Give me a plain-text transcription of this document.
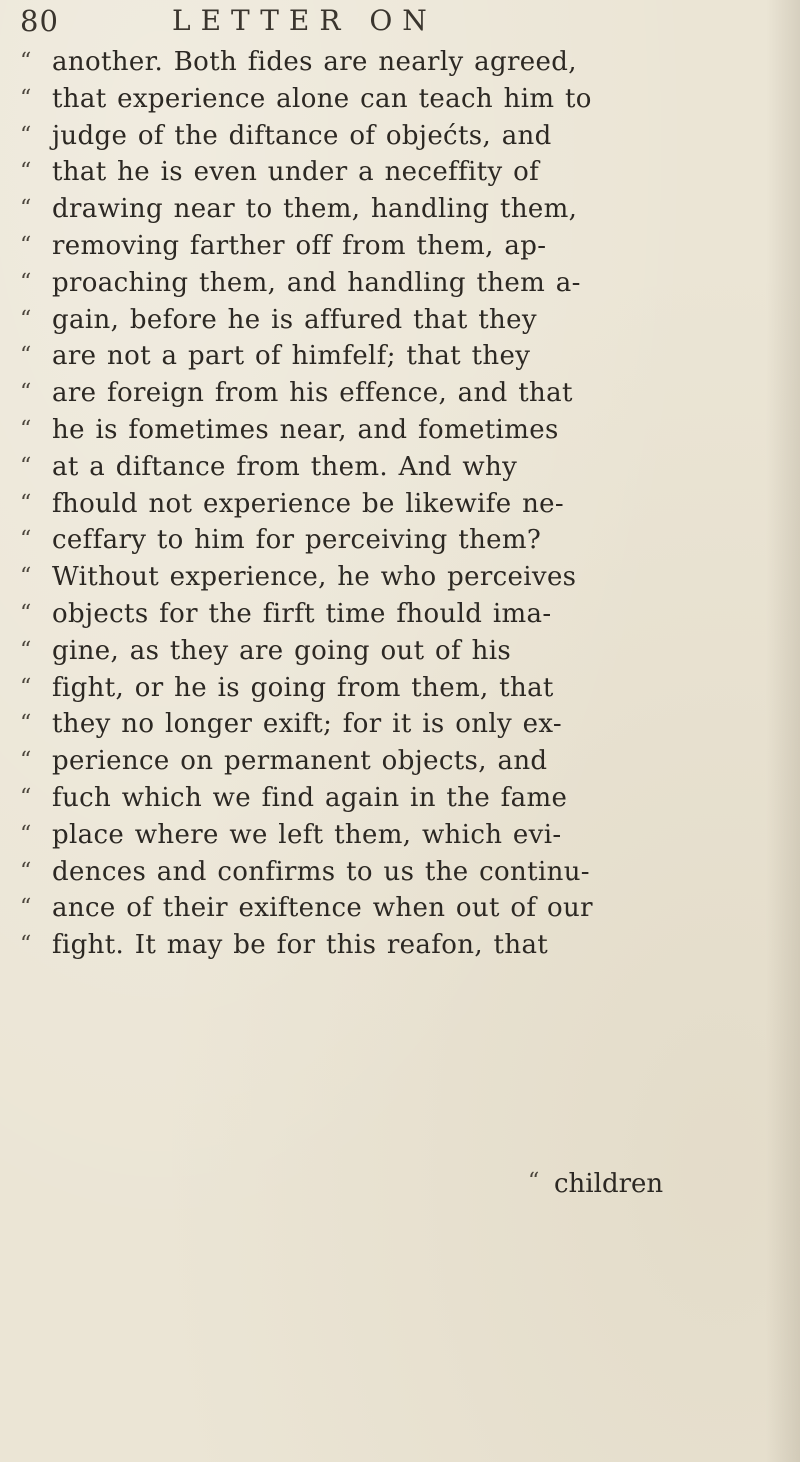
80	LETTER ON
“ another. Both fides are nearly agreed,
“ that experience alone can teach him to
“ judge of the diftance of objećts, and
“ that he is even under a neceffity of
“ drawing near to them, handling them,
“ removing farther off from them, ap-
“ proaching them, and handling them a-
“ gain, before he is affured that they
“ are not a part of himfelf; that they
“ are foreign from his effence, and that
“ he is fometimes near, and fometimes
“ at a diftance from them. And why
“ fhould not experience be likewife ne-
“ ceffary to him for perceiving them?
“ Without experience, he who perceives
“ objects for the firft time fhould ima-
“ gine, as they are going out of his
“ fight, or he is going from them, that
“ they no longer exift; for it is only ex-
“ perience on permanent objects, and
“ fuch which we find again in the fame
“ place where we left them, which evi-
“ dences and confirms to us the continu-
“ ance of their exiftence when out of our
“ fight. It may be for this reafon, that
“ children
